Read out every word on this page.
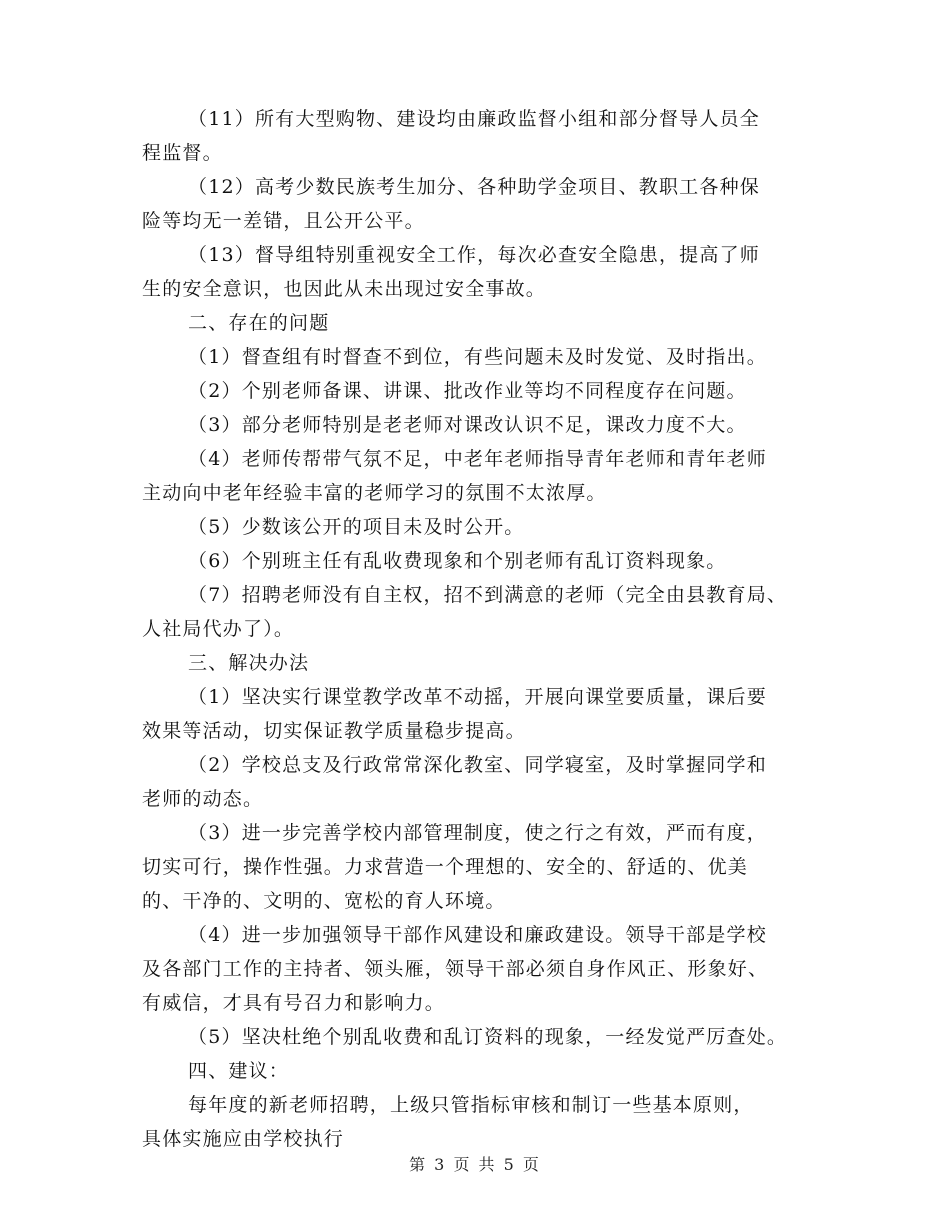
（11）所有大型购物、建设均由廉政监督小组和部分督导人员全
程监督。
（12）高考少数民族考生加分、各种助学金项目、教职工各种保
险等均无一差错，且公开公平。
（13）督导组特别重视安全工作，每次必查安全隐患，提高了师
生的安全意识，也因此从未出现过安全事故。
二、存在的问题
（1）督查组有时督查不到位，有些问题未及时发觉、及时指出。
（2）个别老师备课、讲课、批改作业等均不同程度存在问题。
（3）部分老师特别是老老师对课改认识不足，课改力度不大。
（4）老师传帮带气氛不足，中老年老师指导青年老师和青年老师
主动向中老年经验丰富的老师学习的氛围不太浓厚。
（5）少数该公开的项目未及时公开。
（6）个别班主任有乱收费现象和个别老师有乱订资料现象。
（7）招聘老师没有自主权，招不到满意的老师（完全由县教育局、
人社局代办了）。
三、解决办法
（1）坚决实行课堂教学改革不动摇，开展向课堂要质量，课后要
效果等活动，切实保证教学质量稳步提高。
（2）学校总支及行政常常深化教室、同学寝室，及时掌握同学和
老师的动态。
（3）进一步完善学校内部管理制度，使之行之有效，严而有度，
切实可行，操作性强。力求营造一个理想的、安全的、舒适的、优美
的、干净的、文明的、宽松的育人环境。
（4）进一步加强领导干部作风建设和廉政建设。领导干部是学校
及各部门工作的主持者、领头雁，领导干部必须自身作风正、形象好、
有威信，才具有号召力和影响力。
（5）坚决杜绝个别乱收费和乱订资料的现象，一经发觉严厉查处。
四、建议：
每年度的新老师招聘，上级只管指标审核和制订一些基本原则，
具体实施应由学校执行
第 3 页 共 5 页
